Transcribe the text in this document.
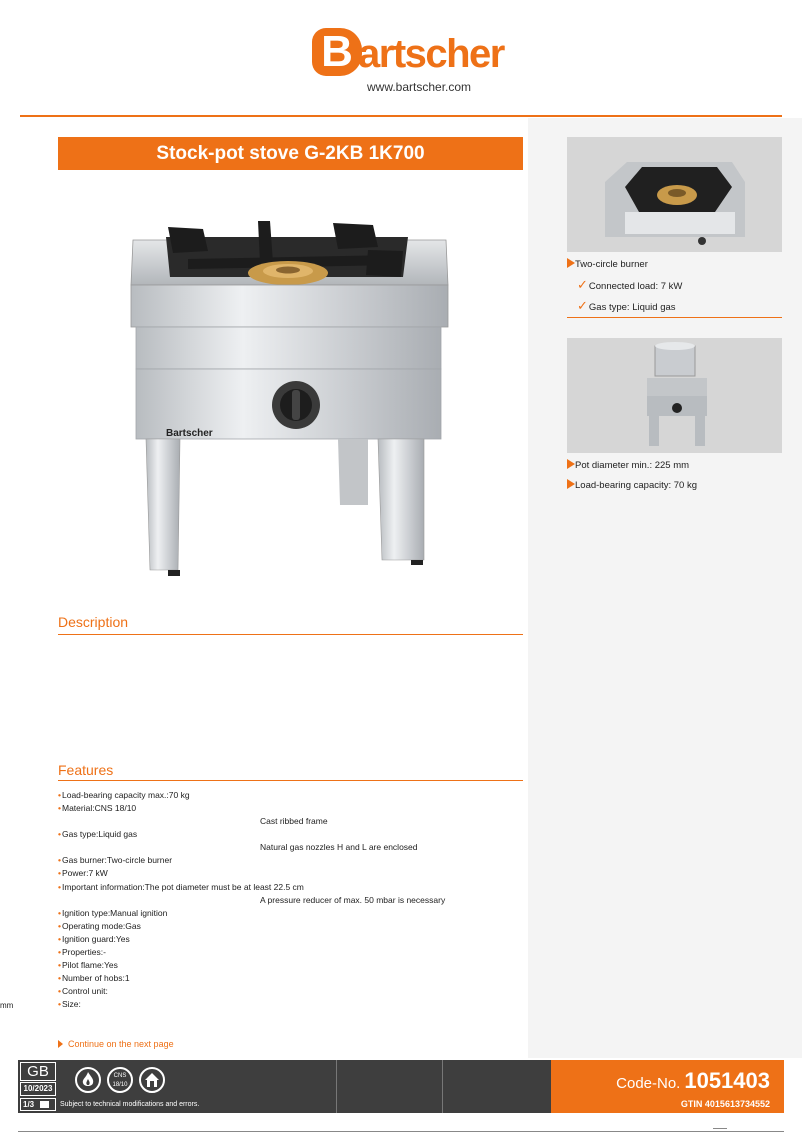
B artscher
www.bartscher.com
Stock-pot stove G-2KB 1K700
Bartscher
Description
Features
•Load-bearing capacity max.:70 kg
•Material:CNS 18/10
Cast ribbed frame
•Gas type:Liquid gas
Natural gas nozzles H and L are enclosed
•Gas burner:Two-circle burner
•Power:7 kW
•Important information:The pot diameter must be at least 22.5 cm
A pressure reducer of max. 50 mbar is necessary
•Ignition type:Manual ignition
•Operating mode:Gas
•Ignition guard:Yes
•Properties:-
•Pilot flame:Yes
•Number of hobs:1
•Control unit:
•Size:
mm
Continue on the next page
Two-circle burner
✓Connected load: 7 kW
✓Gas type: Liquid gas
Pot diameter min.: 225 mm
Load-bearing capacity: 70 kg
GB
10/2023
1/3
CNS
18/10
Subject to technical modifications and errors.
Code-No. 1051403
GTIN 4015613734552
